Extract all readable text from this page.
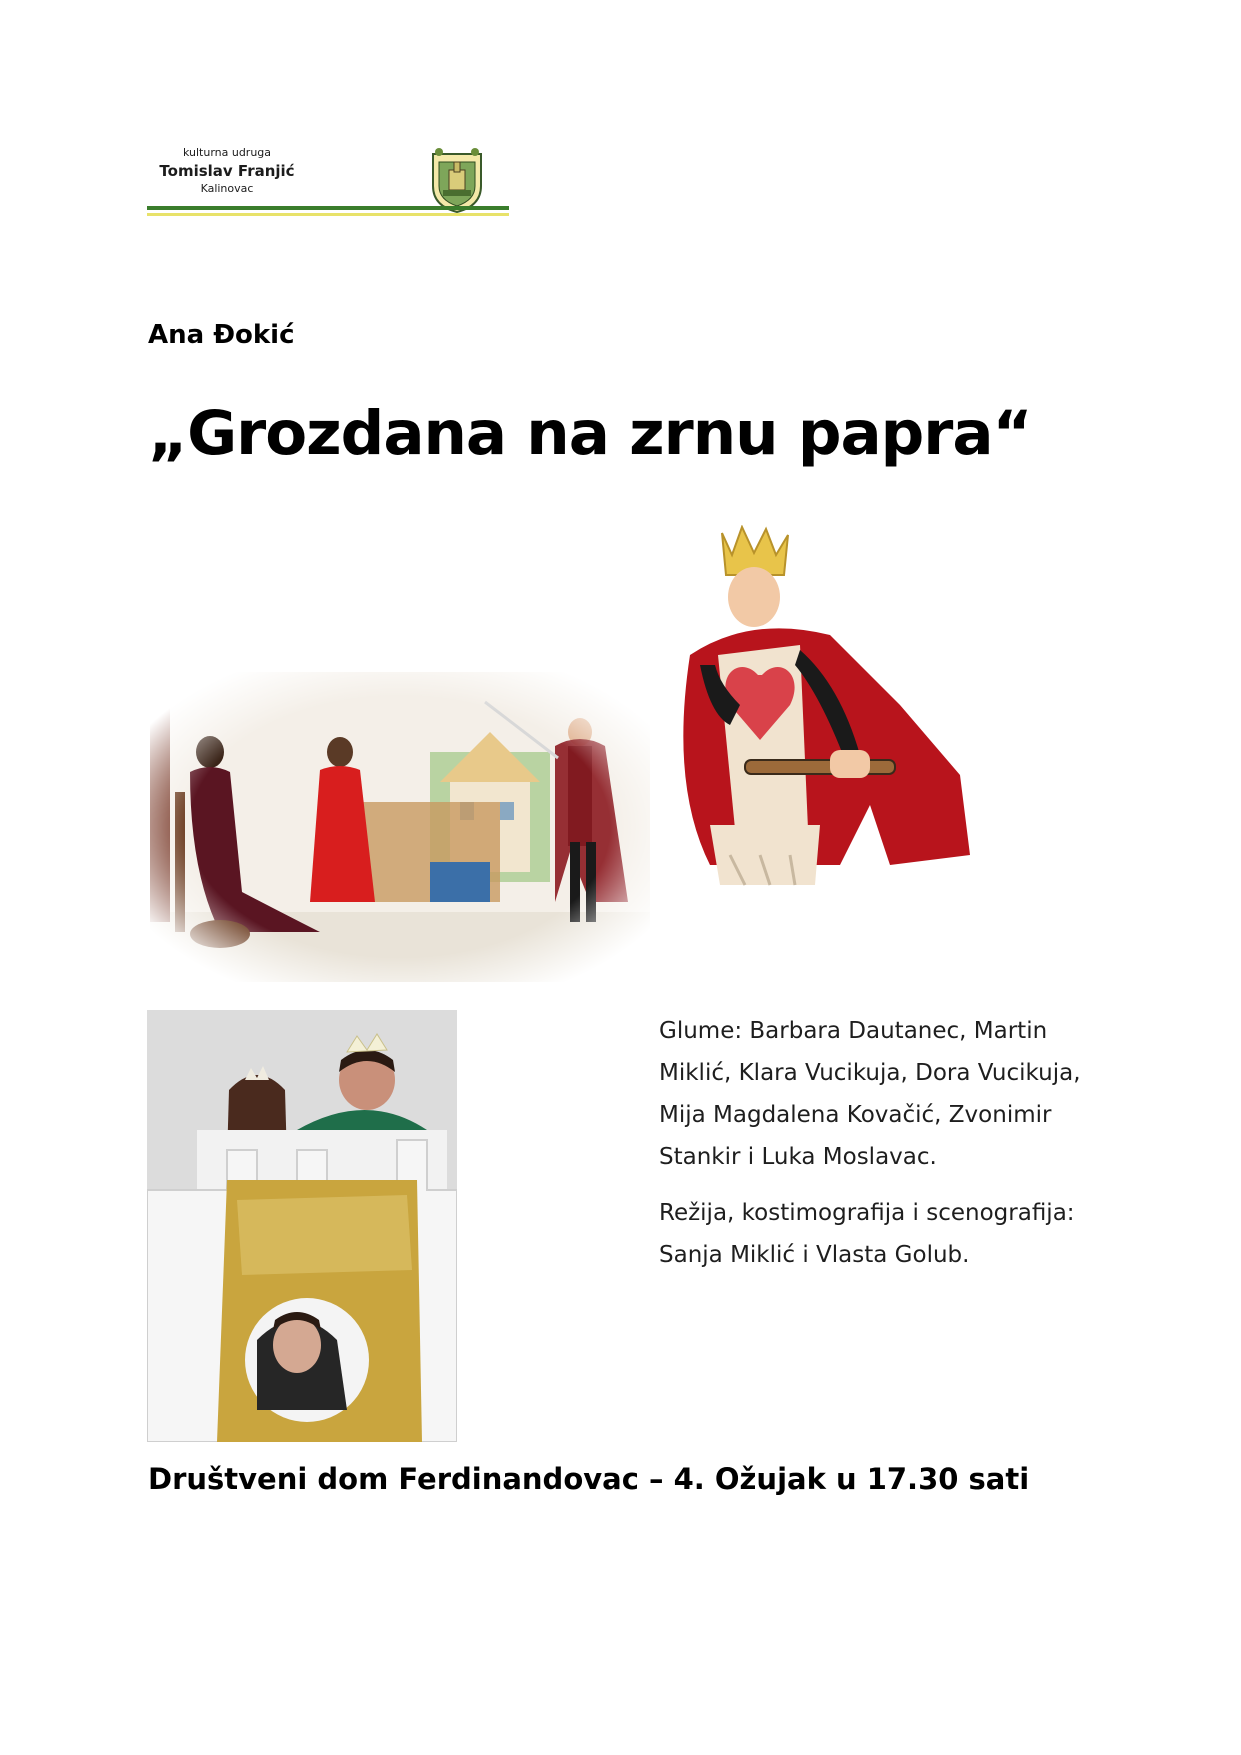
kulturna udruga
Tomislav Franjić
Kalinovac
Ana Đokić
„Grozdana na zrnu papra“

Glume: Barbara Dautanec, Martin Miklić, Klara Vucikuja, Dora Vucikuja, Mija Magdalena Kovačić, Zvonimir Stankir i Luka Moslavac.

Režija, kostimografija i scenografija: Sanja Miklić i Vlasta Golub.

Društveni dom Ferdinandovac – 4. Ožujak u 17.30 sati
